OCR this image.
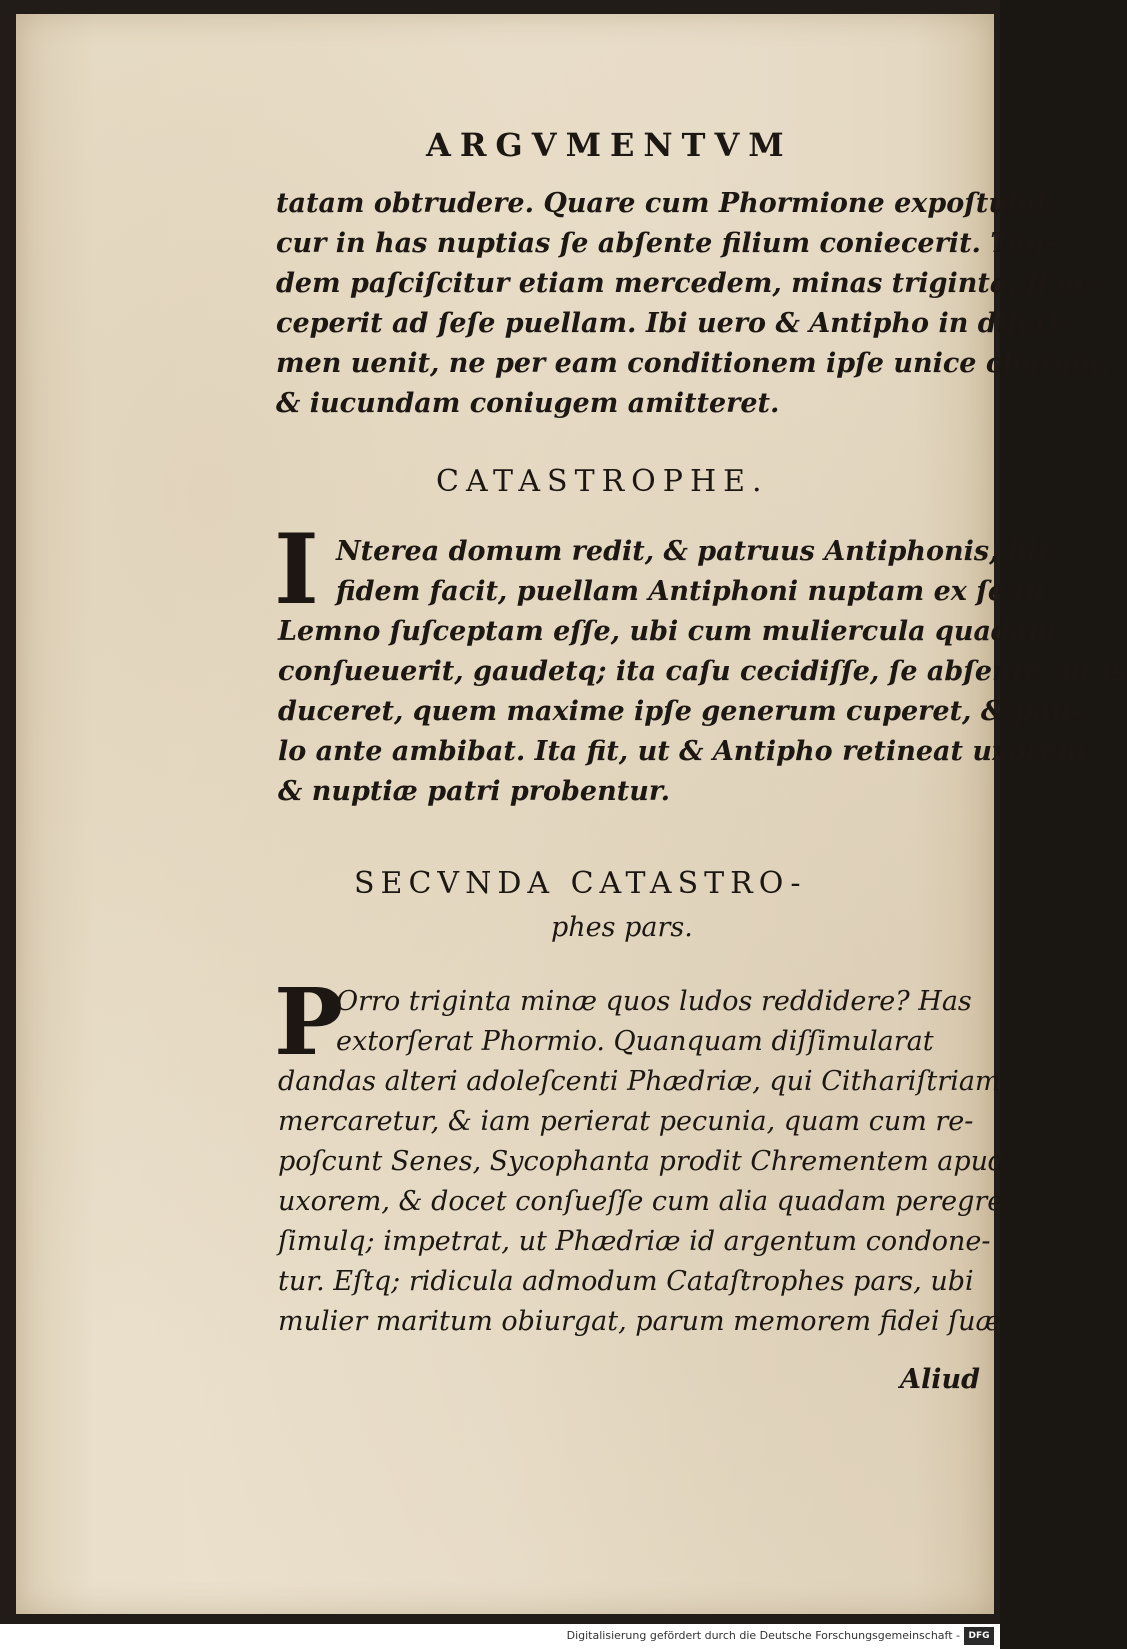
ARGVMENTVM
tatam obtrudere. Quare cum Phormione expoſtulat,
cur in has nuptias ſe abſente filium coniecerit. Tan-
dem paſciſcitur etiam mercedem, minas triginta, ſi ac-
ceperit ad ſeſe puellam. Ibi uero & Antipho in diſcri-
men uenit, ne per eam conditionem ipſe unice charam,
& iucundam coniugem amitteret.
CATASTROPHE.
I Nterea domum redit, & patruus Antiphonis, hic
fidem facit, puellam Antiphoni nuptam ex ſe in
Lemno ſuſceptam eſſe, ubi cum muliercula quadam
conſueuerit, gaudetq; ita caſu cecidiſſe, ſe abſente, ut is
duceret, quem maxime ipſe generum cuperet, & pau-
lo ante ambibat. Ita fit, ut & Antipho retineat uxorem,
& nuptiæ patri probentur.
SECVNDA CATASTRO-
phes pars.
P
Orro triginta minæ quos ludos reddidere? Has
extorſerat Phormio. Quanquam diſſimularat
dandas alteri adoleſcenti Phædriæ, qui Cithariſtriam
mercaretur, & iam perierat pecunia, quam cum re-
poſcunt Senes, Sycophanta prodit Chrementem apud
uxorem, & docet conſueſſe cum alia quadam peregre,
ſimulq; impetrat, ut Phædriæ id argentum condone-
tur. Eſtq; ridicula admodum Cataſtrophes pars, ubi
mulier maritum obiurgat, parum memorem fidei ſuæ.
Aliud
Digitalisierung gefördert durch die Deutsche Forschungsgemeinschaft - DFG
